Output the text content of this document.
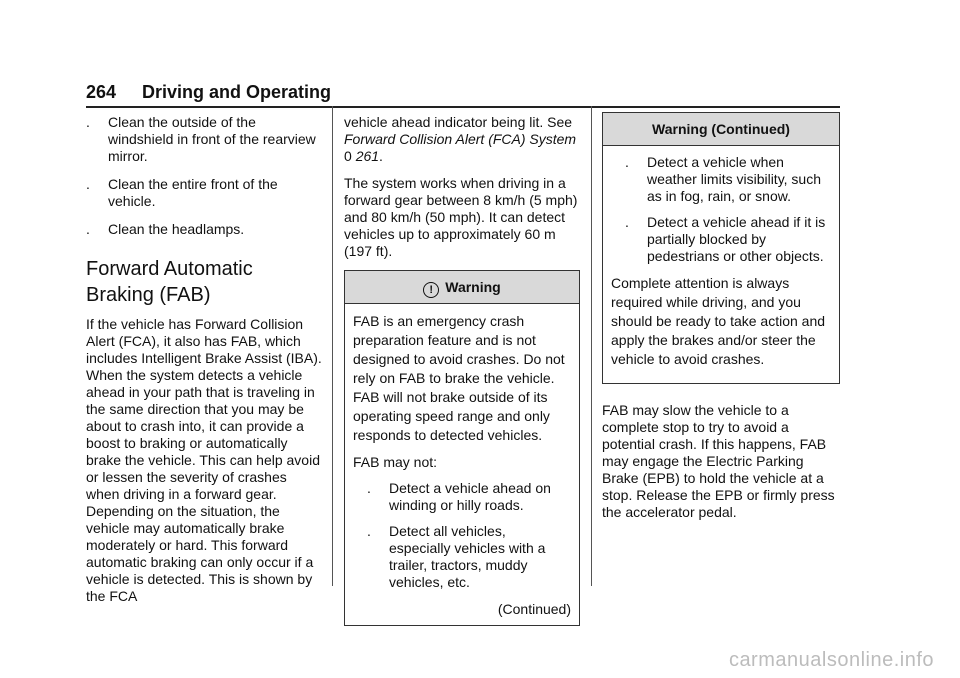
264 Driving and Operating
. Clean the outside of the windshield in front of the rearview mirror.
. Clean the entire front of the vehicle.
. Clean the headlamps.
Forward Automatic
Braking (FAB)
If the vehicle has Forward Collision Alert (FCA), it also has FAB, which includes Intelligent Brake Assist (IBA). When the system detects a vehicle ahead in your path that is traveling in the same direction that you may be about to crash into, it can provide a boost to braking or automatically brake the vehicle. This can help avoid or lessen the severity of crashes when driving in a forward gear. Depending on the situation, the vehicle may automatically brake moderately or hard. This forward automatic braking can only occur if a vehicle is detected. This is shown by the FCA
vehicle ahead indicator being lit. See Forward Collision Alert (FCA) System 0 261.
The system works when driving in a forward gear between 8 km/h (5 mph) and 80 km/h (50 mph). It can detect vehicles up to approximately 60 m (197 ft).
! Warning
FAB is an emergency crash preparation feature and is not designed to avoid crashes. Do not rely on FAB to brake the vehicle. FAB will not brake outside of its operating speed range and only responds to detected vehicles.
FAB may not:
. Detect a vehicle ahead on winding or hilly roads.
. Detect all vehicles, especially vehicles with a trailer, tractors, muddy vehicles, etc.
(Continued)
Warning (Continued)
. Detect a vehicle when weather limits visibility, such as in fog, rain, or snow.
. Detect a vehicle ahead if it is partially blocked by pedestrians or other objects.
Complete attention is always required while driving, and you should be ready to take action and apply the brakes and/or steer the vehicle to avoid crashes.
FAB may slow the vehicle to a complete stop to try to avoid a potential crash. If this happens, FAB may engage the Electric Parking Brake (EPB) to hold the vehicle at a stop. Release the EPB or firmly press the accelerator pedal.
carmanualsonline.info
